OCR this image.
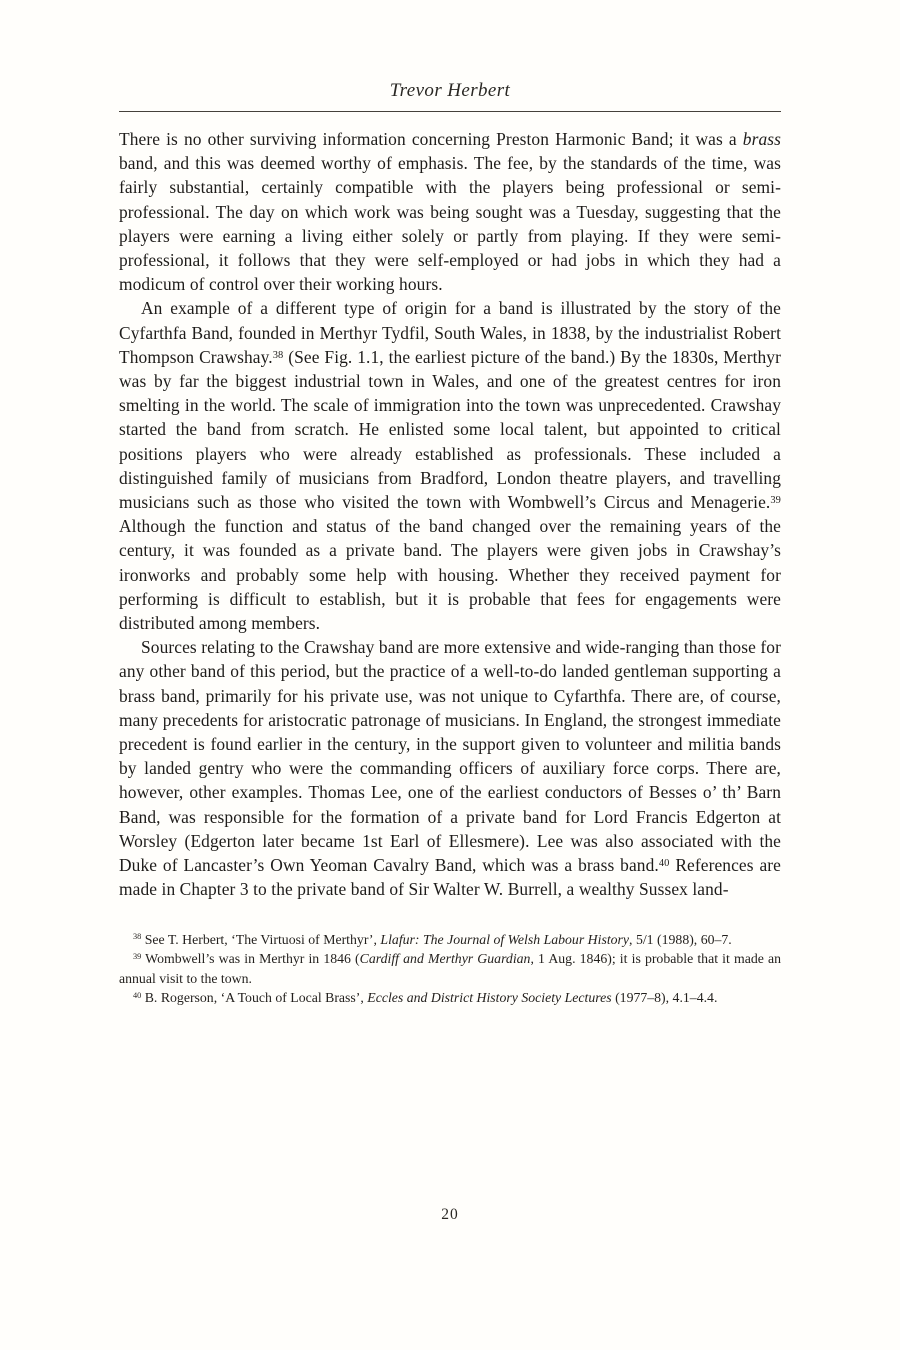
Trevor Herbert

There is no other surviving information concerning Preston Harmonic Band; it was a brass band, and this was deemed worthy of emphasis. The fee, by the standards of the time, was fairly substantial, certainly compatible with the players being professional or semi-professional. The day on which work was being sought was a Tuesday, suggesting that the players were earning a living either solely or partly from playing. If they were semi-professional, it follows that they were self-employed or had jobs in which they had a modicum of control over their working hours.

An example of a different type of origin for a band is illustrated by the story of the Cyfarthfa Band, founded in Merthyr Tydfil, South Wales, in 1838, by the industrialist Robert Thompson Crawshay.$^{38}$ (See Fig. 1.1, the earliest picture of the band.) By the 1830s, Merthyr was by far the biggest industrial town in Wales, and one of the greatest centres for iron smelting in the world. The scale of immigration into the town was unprecedented. Crawshay started the band from scratch. He enlisted some local talent, but appointed to critical positions players who were already established as professionals. These included a distinguished family of musicians from Bradford, London theatre players, and travelling musicians such as those who visited the town with Wombwell’s Circus and Menagerie.$^{39}$ Although the function and status of the band changed over the remaining years of the century, it was founded as a private band. The players were given jobs in Crawshay’s ironworks and probably some help with housing. Whether they received payment for performing is difficult to establish, but it is probable that fees for engagements were distributed among members.

Sources relating to the Crawshay band are more extensive and wide-ranging than those for any other band of this period, but the practice of a well-to-do landed gentleman supporting a brass band, primarily for his private use, was not unique to Cyfarthfa. There are, of course, many precedents for aristocratic patronage of musicians. In England, the strongest immediate precedent is found earlier in the century, in the support given to volunteer and militia bands by landed gentry who were the commanding officers of auxiliary force corps. There are, however, other examples. Thomas Lee, one of the earliest conductors of Besses o’ th’ Barn Band, was responsible for the formation of a private band for Lord Francis Edgerton at Worsley (Edgerton later became 1st Earl of Ellesmere). Lee was also associated with the Duke of Lancaster’s Own Yeoman Cavalry Band, which was a brass band.$^{40}$ References are made in Chapter 3 to the private band of Sir Walter W. Burrell, a wealthy Sussex land-

$^{38}$ See T. Herbert, ‘The Virtuosi of Merthyr’, Llafur: The Journal of Welsh Labour History, 5/1 (1988), 60–7.

$^{39}$ Wombwell’s was in Merthyr in 1846 (Cardiff and Merthyr Guardian, 1 Aug. 1846); it is probable that it made an annual visit to the town.

$^{40}$ B. Rogerson, ‘A Touch of Local Brass’, Eccles and District History Society Lectures (1977–8), 4.1–4.4.

20
